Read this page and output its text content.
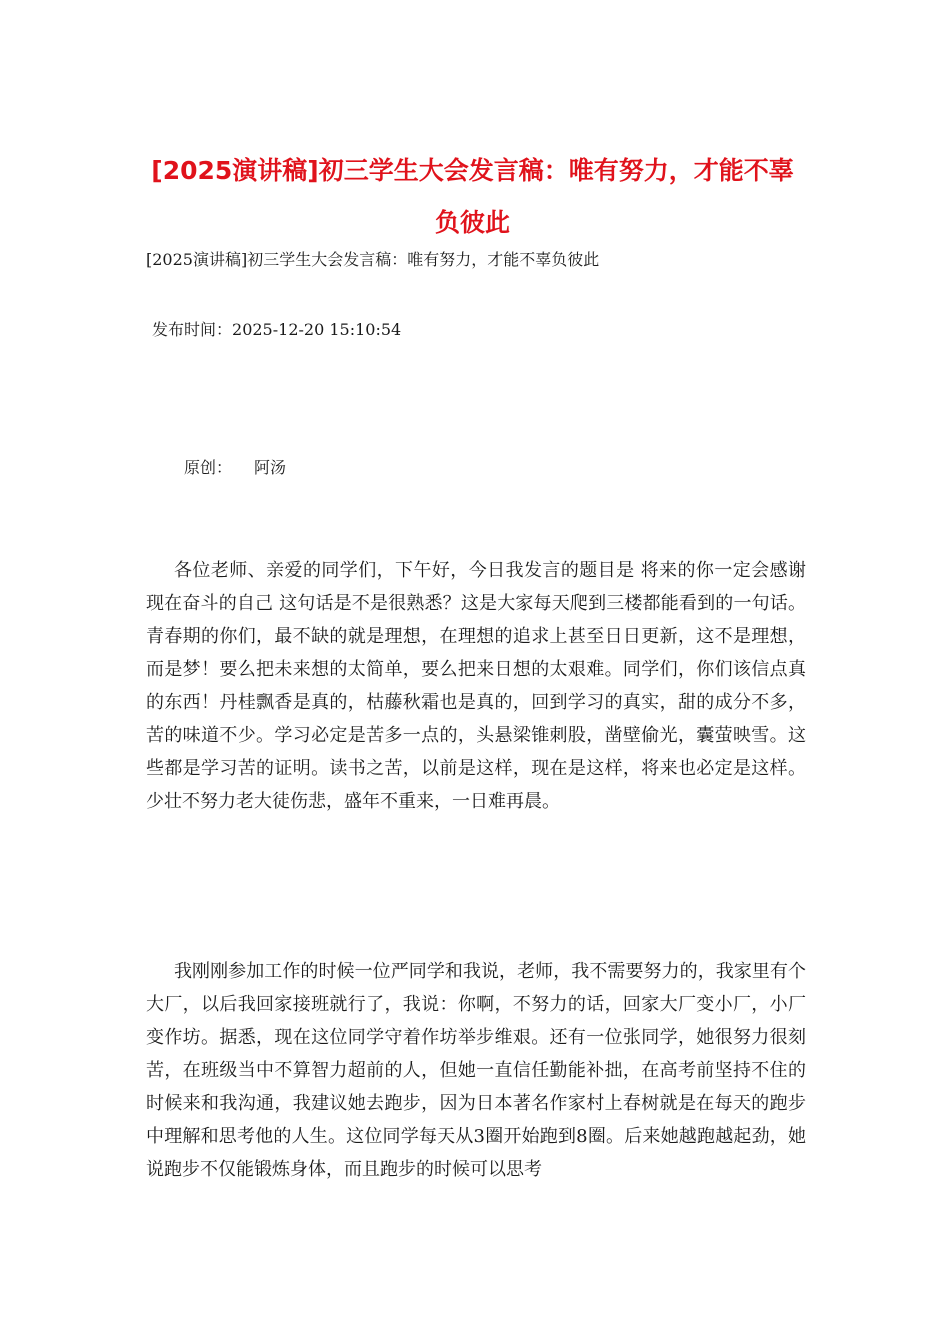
[2025演讲稿]初三学生大会发言稿：唯有努力，才能不辜负彼此

[2025演讲稿]初三学生大会发言稿：唯有努力，才能不辜负彼此

发布时间：2025-12-20 15:10:54

原创： 阿汤

各位老师、亲爱的同学们，下午好，今日我发言的题目是 将来的你一定会感谢现在奋斗的自己 这句话是不是很熟悉？这是大家每天爬到三楼都能看到的一句话。青春期的你们，最不缺的就是理想，在理想的追求上甚至日日更新，这不是理想，而是梦！要么把未来想的太简单，要么把来日想的太艰难。同学们，你们该信点真的东西！丹桂飘香是真的，枯藤秋霜也是真的，回到学习的真实，甜的成分不多，苦的味道不少。学习必定是苦多一点的，头悬梁锥刺股，凿壁偷光，囊萤映雪。这些都是学习苦的证明。读书之苦，以前是这样，现在是这样，将来也必定是这样。少壮不努力老大徒伤悲，盛年不重来，一日难再晨。

我刚刚参加工作的时候一位严同学和我说，老师，我不需要努力的，我家里有个大厂，以后我回家接班就行了，我说：你啊，不努力的话，回家大厂变小厂，小厂变作坊。据悉，现在这位同学守着作坊举步维艰。还有一位张同学，她很努力很刻苦，在班级当中不算智力超前的人，但她一直信任勤能补拙，在高考前坚持不住的时候来和我沟通，我建议她去跑步，因为日本著名作家村上春树就是在每天的跑步中理解和思考他的人生。这位同学每天从3圈开始跑到8圈。后来她越跑越起劲，她说跑步不仅能锻炼身体，而且跑步的时候可以思考
